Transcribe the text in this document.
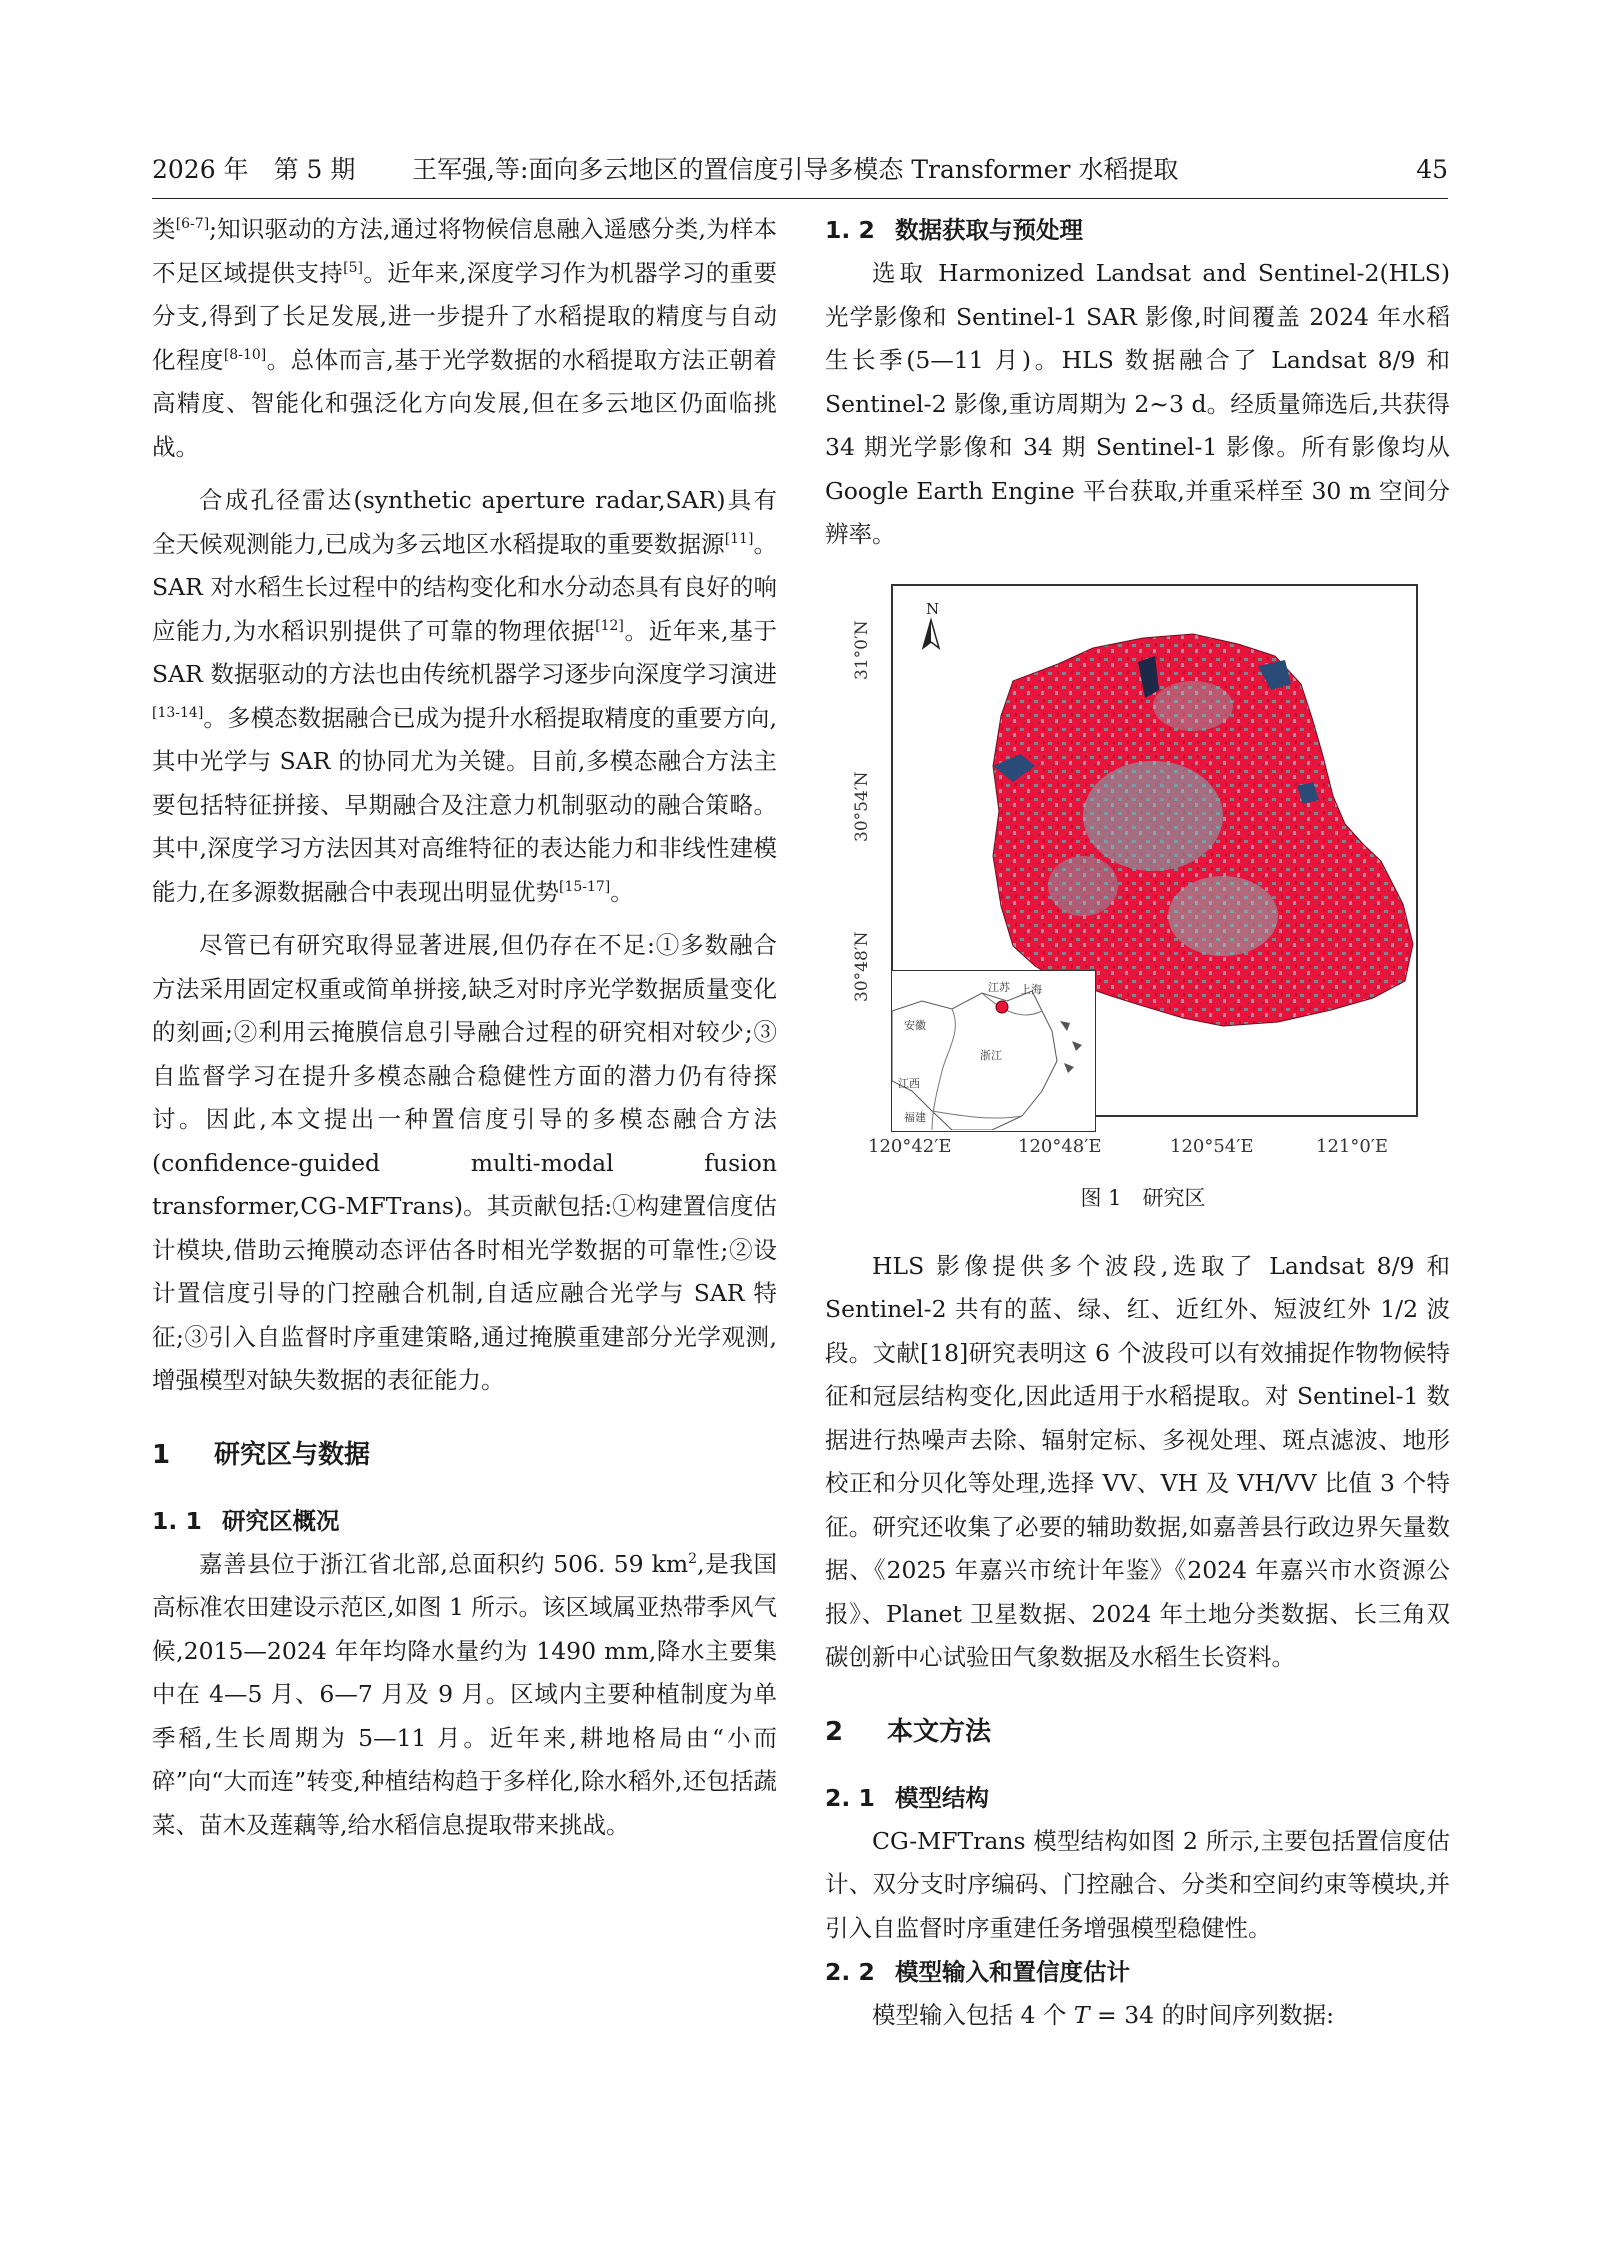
2026 年　第 5 期 王军强,等:面向多云地区的置信度引导多模态 Transformer 水稻提取	45

类[6-7];知识驱动的方法,通过将物候信息融入遥感分类,为样本不足区域提供支持[5]。近年来,深度学习作为机器学习的重要分支,得到了长足发展,进一步提升了水稻提取的精度与自动化程度[8-10]。总体而言,基于光学数据的水稻提取方法正朝着高精度、智能化和强泛化方向发展,但在多云地区仍面临挑战。

合成孔径雷达(synthetic aperture radar,SAR)具有全天候观测能力,已成为多云地区水稻提取的重要数据源[11]。SAR 对水稻生长过程中的结构变化和水分动态具有良好的响应能力,为水稻识别提供了可靠的物理依据[12]。近年来,基于 SAR 数据驱动的方法也由传统机器学习逐步向深度学习演进[13-14]。多模态数据融合已成为提升水稻提取精度的重要方向,其中光学与 SAR 的协同尤为关键。目前,多模态融合方法主要包括特征拼接、早期融合及注意力机制驱动的融合策略。其中,深度学习方法因其对高维特征的表达能力和非线性建模能力,在多源数据融合中表现出明显优势[15-17]。

尽管已有研究取得显著进展,但仍存在不足:①多数融合方法采用固定权重或简单拼接,缺乏对时序光学数据质量变化的刻画;②利用云掩膜信息引导融合过程的研究相对较少;③自监督学习在提升多模态融合稳健性方面的潜力仍有待探讨。因此,本文提出一种置信度引导的多模态融合方法(confidence-guided multi-modal fusion transformer,CG-MFTrans)。其贡献包括:①构建置信度估计模块,借助云掩膜动态评估各时相光学数据的可靠性;②设计置信度引导的门控融合机制,自适应融合光学与 SAR 特征;③引入自监督时序重建策略,通过掩膜重建部分光学观测,增强模型对缺失数据的表征能力。

1 研究区与数据
1. 1 研究区概况

嘉善县位于浙江省北部,总面积约 506. 59 $km^2$,是我国高标准农田建设示范区,如图 1 所示。该区域属亚热带季风气候,2015—2024 年年均降水量约为 1490 mm,降水主要集中在 4—5 月、6—7 月及 9 月。区域内主要种植制度为单季稻,生长周期为 5—11 月。近年来,耕地格局由“小而碎”向“大而连”转变,种植结构趋于多样化,除水稻外,还包括蔬菜、苗木及莲藕等,给水稻信息提取带来挑战。

1. 2 数据获取与预处理

选取 Harmonized Landsat and Sentinel-2(HLS)光学影像和 Sentinel-1 SAR 影像,时间覆盖 2024 年水稻生长季(5—11 月)。HLS 数据融合了 Landsat 8/9 和 Sentinel-2 影像,重访周期为 2~3 d。经质量筛选后,共获得 34 期光学影像和 34 期 Sentinel-1 影像。所有影像均从 Google Earth Engine 平台获取,并重采样至 30 m 空间分辨率。

HLS 影像提供多个波段,选取了 Landsat 8/9 和 Sentinel-2 共有的蓝、绿、红、近红外、短波红外 1/2 波段。文献[18]研究表明这 6 个波段可以有效捕捉作物物候特征和冠层结构变化,因此适用于水稻提取。对 Sentinel-1 数据进行热噪声去除、辐射定标、多视处理、斑点滤波、地形校正和分贝化等处理,选择 VV、VH 及 VH/VV 比值 3 个特征。研究还收集了必要的辅助数据,如嘉善县行政边界矢量数据、《2025 年嘉兴市统计年鉴》《2024 年嘉兴市水资源公报》、Planet 卫星数据、2024 年土地分类数据、长三角双碳创新中心试验田气象数据及水稻生长资料。

2 本文方法
2. 1 模型结构

CG-MFTrans 模型结构如图 2 所示,主要包括置信度估计、双分支时序编码、门控融合、分类和空间约束等模块,并引入自监督时序重建任务增强模型稳健性。

2. 2 模型输入和置信度估计

模型输入包括 4 个 T = 34 的时间序列数据:

N
31°0′N
30°54′N
30°48′N
120°42′E	120°48′E	120°54′E	121°0′E
图 1　研究区
江苏 上海
安徽
浙江
江西
福建
